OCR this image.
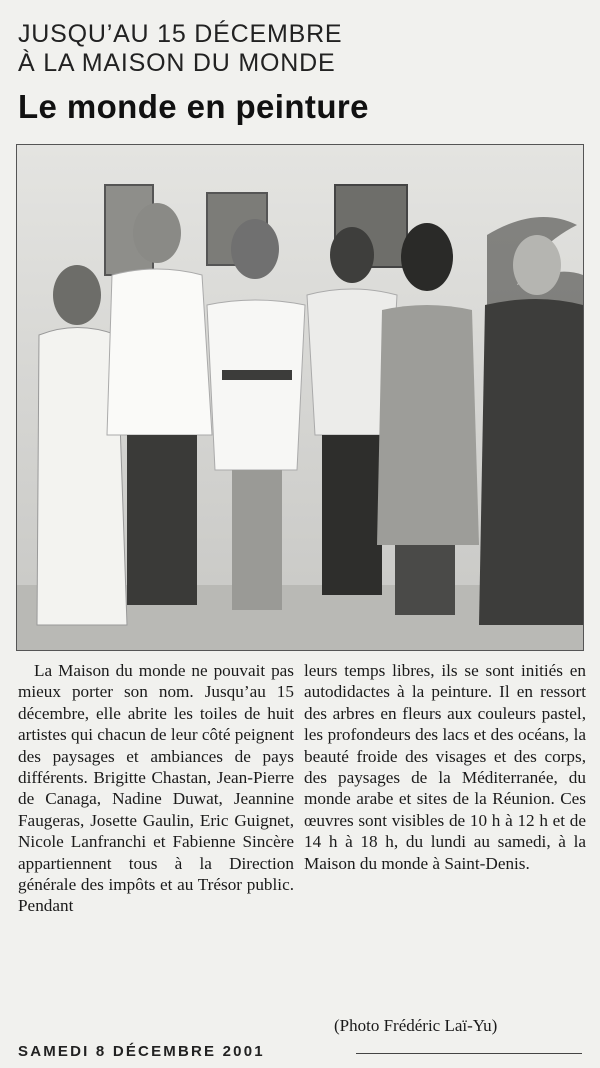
JUSQU’AU 15 DÉCEMBRE
À LA MAISON DU MONDE
Le monde en peinture
La Maison du monde ne pouvait pas mieux porter son nom. Jusqu’au 15 décembre, elle abrite les toiles de huit artistes qui chacun de leur côté peignent des paysages et ambiances de pays différents. Brigitte Chastan, Jean-Pierre de Canaga, Nadine Duwat, Jeannine Faugeras, Josette Gaulin, Eric Guignet, Nicole Lanfranchi et Fabienne Sincère appartiennent tous à la Direction générale des impôts et au Trésor public. Pendant
leurs temps libres, ils se sont initiés en autodidactes à la peinture. Il en ressort des arbres en fleurs aux couleurs pastel, les profondeurs des lacs et des océans, la beauté froide des visages et des corps, des paysages de la Méditerranée, du monde arabe et sites de la Réunion. Ces œuvres sont visibles de 10 h à 12 h et de 14 h à 18 h, du lundi au samedi, à la Maison du monde à Saint-Denis.
(Photo Frédéric Laï-Yu)
SAMEDI 8 DÉCEMBRE 2001
